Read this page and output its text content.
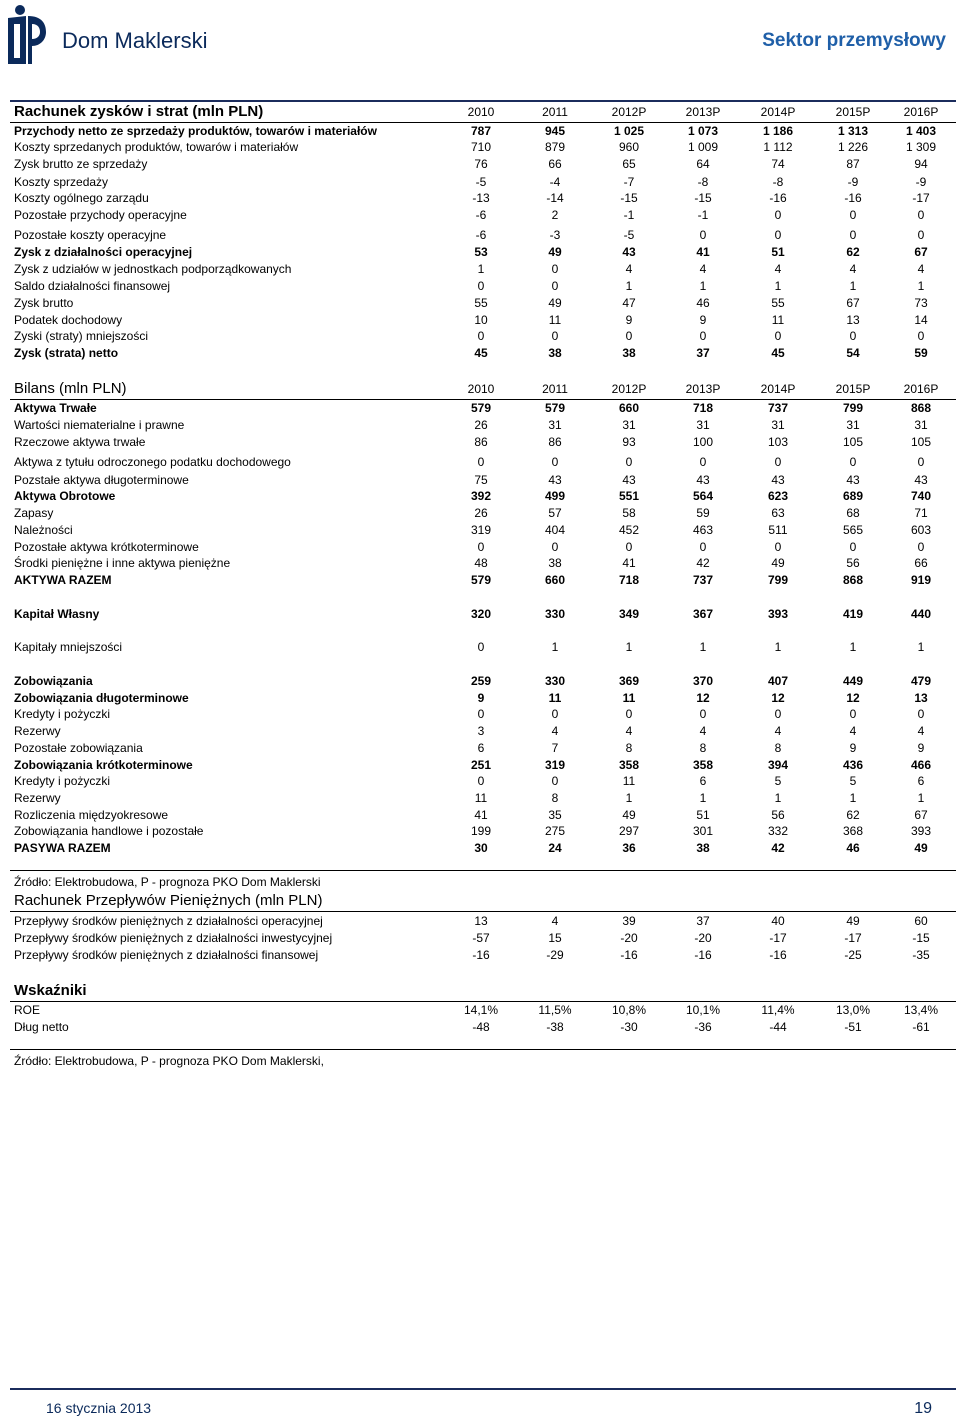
Dom Maklerski	Sektor przemysłowy
Rachunek zysków i strat (mln PLN)	2010	2011	2012P	2013P	2014P	2015P	2016P
Przychody netto ze sprzedaży produktów, towarów i materiałów	787	945	1 025	1 073	1 186	1 313	1 403
Koszty sprzedanych produktów, towarów i materiałów	710	879	960	1 009	1 112	1 226	1 309
Zysk brutto ze sprzedaży	76	66	65	64	74	87	94
Koszty sprzedaży	-5	-4	-7	-8	-8	-9	-9
Koszty ogólnego zarządu	-13	-14	-15	-15	-16	-16	-17
Pozostałe przychody operacyjne	-6	2	-1	-1	0	0	0
Pozostałe koszty operacyjne	-6	-3	-5	0	0	0	0
Zysk z działalności operacyjnej	53	49	43	41	51	62	67
Zysk z udziałów w jednostkach podporządkowanych	1	0	4	4	4	4	4
Saldo działalności finansowej	0	0	1	1	1	1	1
Zysk brutto	55	49	47	46	55	67	73
Podatek dochodowy	10	11	9	9	11	13	14
Zyski (straty) mniejszości	0	0	0	0	0	0	0
Zysk (strata) netto	45	38	38	37	45	54	59
Bilans (mln PLN)	2010	2011	2012P	2013P	2014P	2015P	2016P
Aktywa Trwałe	579	579	660	718	737	799	868
Wartości niematerialne i prawne	26	31	31	31	31	31	31
Rzeczowe aktywa trwałe	86	86	93	100	103	105	105
Aktywa z tytułu odroczonego podatku dochodowego	0	0	0	0	0	0	0
Pozstałe aktywa długoterminowe	75	43	43	43	43	43	43
Aktywa Obrotowe	392	499	551	564	623	689	740
Zapasy	26	57	58	59	63	68	71
Należności	319	404	452	463	511	565	603
Pozostałe aktywa krótkoterminowe	0	0	0	0	0	0	0
Środki pieniężne i inne aktywa pieniężne	48	38	41	42	49	56	66
AKTYWA RAZEM	579	660	718	737	799	868	919
Kapitał Własny	320	330	349	367	393	419	440
Kapitały mniejszości	0	1	1	1	1	1	1
Zobowiązania	259	330	369	370	407	449	479
Zobowiązania długoterminowe	9	11	11	12	12	12	13
Kredyty i pożyczki	0	0	0	0	0	0	0
Rezerwy	3	4	4	4	4	4	4
Pozostałe zobowiązania	6	7	8	8	8	9	9
Zobowiązania krótkoterminowe	251	319	358	358	394	436	466
Kredyty i pożyczki	0	0	11	6	5	5	6
Rezerwy	11	8	1	1	1	1	1
Rozliczenia międzyokresowe	41	35	49	51	56	62	67
Zobowiązania handlowe i pozostałe	199	275	297	301	332	368	393
PASYWA RAZEM	30	24	36	38	42	46	49
Źródło: Elektrobudowa, P - prognoza PKO Dom Maklerski
Rachunek Przepływów Pieniężnych (mln PLN)
Przepływy środków pieniężnych z działalności operacyjnej	13	4	39	37	40	49	60
Przepływy środków pieniężnych z działalności inwestycyjnej	-57	15	-20	-20	-17	-17	-15
Przepływy środków pieniężnych z działalności finansowej	-16	-29	-16	-16	-16	-25	-35
Wskaźniki
ROE	14,1%	11,5%	10,8%	10,1%	11,4%	13,0%	13,4%
Dług netto	-48	-38	-30	-36	-44	-51	-61
Źródło: Elektrobudowa, P - prognoza PKO Dom Maklerski,
16 stycznia 2013	19
